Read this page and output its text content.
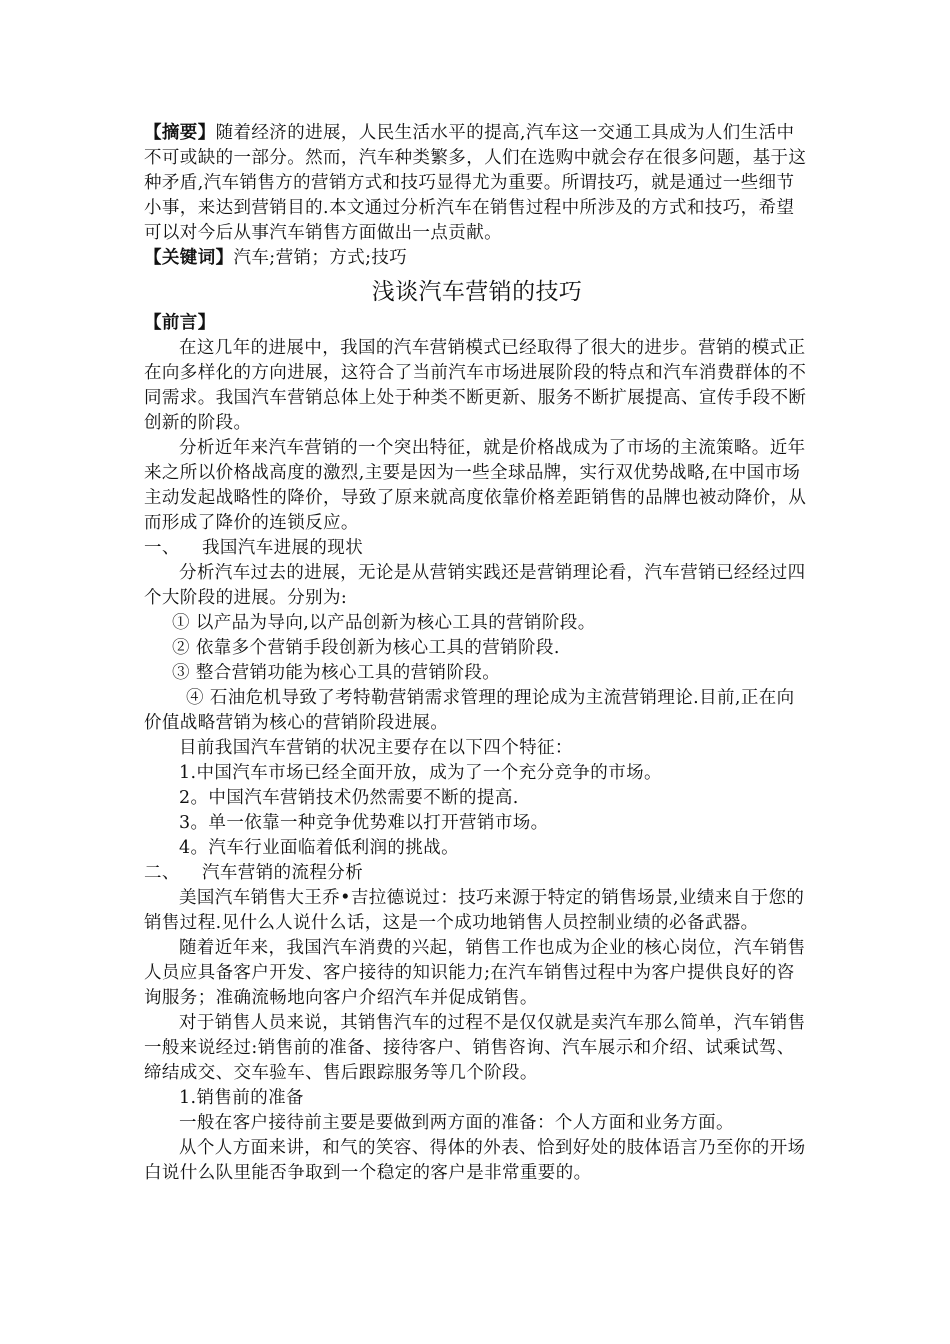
【摘要】随着经济的进展，人民生活水平的提高,汽车这一交通工具成为人们生活中不可或缺的一部分。然而，汽车种类繁多，人们在选购中就会存在很多问题，基于这种矛盾,汽车销售方的营销方式和技巧显得尤为重要。所谓技巧，就是通过一些细节小事，来达到营销目的.本文通过分析汽车在销售过程中所涉及的方式和技巧，希望可以对今后从事汽车销售方面做出一点贡献。

【关键词】汽车;营销；方式;技巧

浅谈汽车营销的技巧

【前言】

在这几年的进展中，我国的汽车营销模式已经取得了很大的进步。营销的模式正在向多样化的方向进展，这符合了当前汽车市场进展阶段的特点和汽车消费群体的不同需求。我国汽车营销总体上处于种类不断更新、服务不断扩展提高、宣传手段不断创新的阶段。

分析近年来汽车营销的一个突出特征，就是价格战成为了市场的主流策略。近年来之所以价格战高度的激烈,主要是因为一些全球品牌，实行双优势战略,在中国市场主动发起战略性的降价，导致了原来就高度依靠价格差距销售的品牌也被动降价，从而形成了降价的连锁反应。

一、 我国汽车进展的现状

分析汽车过去的进展，无论是从营销实践还是营销理论看，汽车营销已经经过四个大阶段的进展。分别为:

① 以产品为导向,以产品创新为核心工具的营销阶段。

② 依靠多个营销手段创新为核心工具的营销阶段.

③ 整合营销功能为核心工具的营销阶段。

④ 石油危机导致了考特勒营销需求管理的理论成为主流营销理论.目前,正在向价值战略营销为核心的营销阶段进展。

目前我国汽车营销的状况主要存在以下四个特征：

1.中国汽车市场已经全面开放，成为了一个充分竞争的市场。

2。中国汽车营销技术仍然需要不断的提高.

3。单一依靠一种竞争优势难以打开营销市场。

4。汽车行业面临着低利润的挑战。

二、 汽车营销的流程分析

美国汽车销售大王乔•吉拉德说过：技巧来源于特定的销售场景,业绩来自于您的销售过程.见什么人说什么话，这是一个成功地销售人员控制业绩的必备武器。

随着近年来，我国汽车消费的兴起，销售工作也成为企业的核心岗位，汽车销售人员应具备客户开发、客户接待的知识能力;在汽车销售过程中为客户提供良好的咨询服务；准确流畅地向客户介绍汽车并促成销售。

对于销售人员来说，其销售汽车的过程不是仅仅就是卖汽车那么简单，汽车销售一般来说经过:销售前的准备、接待客户、销售咨询、汽车展示和介绍、试乘试驾、缔结成交、交车验车、售后跟踪服务等几个阶段。

1.销售前的准备

一般在客户接待前主要是要做到两方面的准备：个人方面和业务方面。

从个人方面来讲，和气的笑容、得体的外表、恰到好处的肢体语言乃至你的开场白说什么队里能否争取到一个稳定的客户是非常重要的。
